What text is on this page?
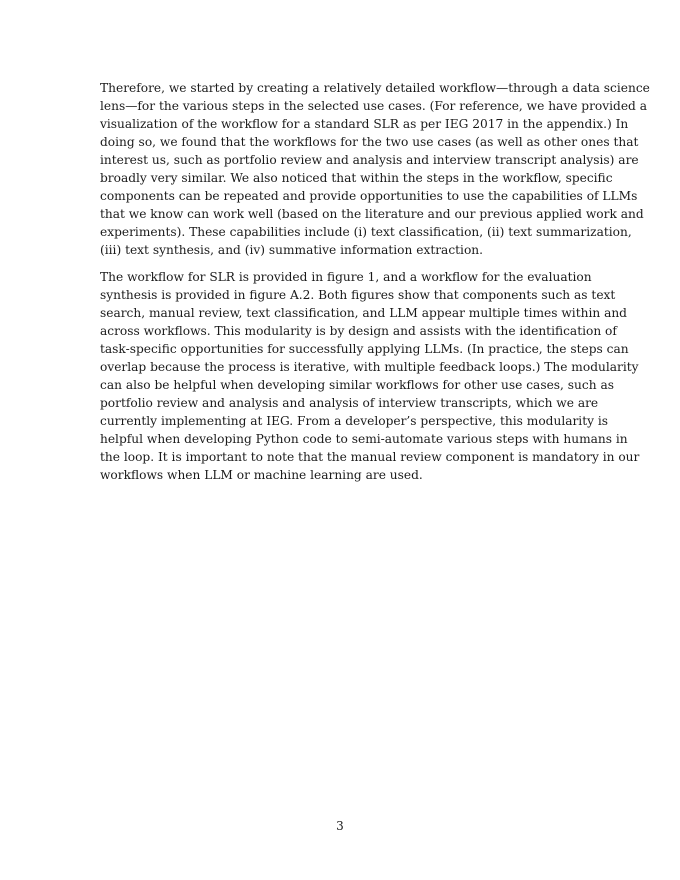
Therefore, we started by creating a relatively detailed workflow—through a data science
lens—for the various steps in the selected use cases. (For reference, we have provided a
visualization of the workflow for a standard SLR as per IEG 2017 in the appendix.) In
doing so, we found that the workflows for the two use cases (as well as other ones that
interest us, such as portfolio review and analysis and interview transcript analysis) are
broadly very similar. We also noticed that within the steps in the workflow, specific
components can be repeated and provide opportunities to use the capabilities of LLMs
that we know can work well (based on the literature and our previous applied work and
experiments). These capabilities include (i) text classification, (ii) text summarization,
(iii) text synthesis, and (iv) summative information extraction.

The workflow for SLR is provided in figure 1, and a workflow for the evaluation
synthesis is provided in figure A.2. Both figures show that components such as text
search, manual review, text classification, and LLM appear multiple times within and
across workflows. This modularity is by design and assists with the identification of
task-specific opportunities for successfully applying LLMs. (In practice, the steps can
overlap because the process is iterative, with multiple feedback loops.) The modularity
can also be helpful when developing similar workflows for other use cases, such as
portfolio review and analysis and analysis of interview transcripts, which we are
currently implementing at IEG. From a developer’s perspective, this modularity is
helpful when developing Python code to semi-automate various steps with humans in
the loop. It is important to note that the manual review component is mandatory in our
workflows when LLM or machine learning are used.

3
